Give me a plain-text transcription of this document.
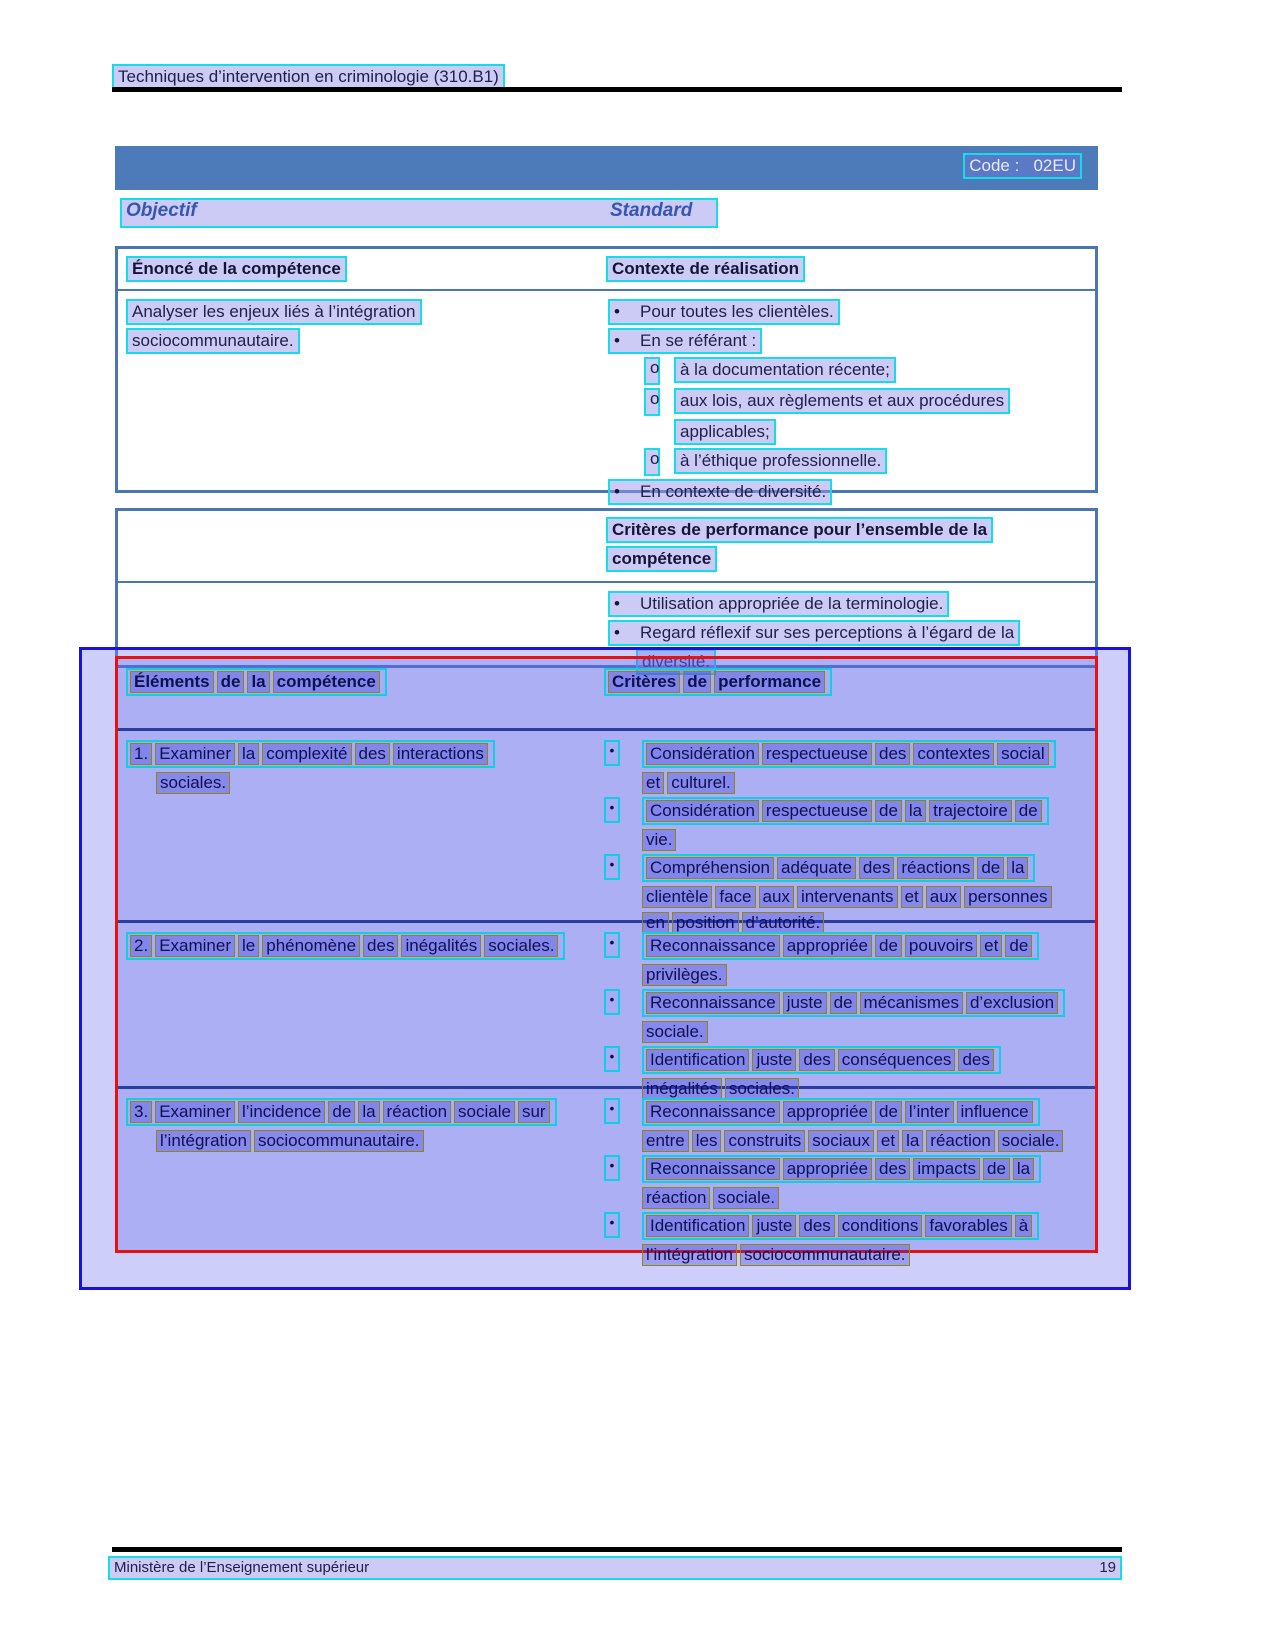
Techniques d’intervention en criminologie (310.B1)
Code :   02EU
Objectif	Standard
Énoncé de la compétence	Contexte de réalisation
Analyser les enjeux liés à l’intégration
sociocommunautaire.
• Pour toutes les clientèles.
• En se référant :
o à la documentation récente;
o aux lois, aux règlements et aux procédures
applicables;
o à l’éthique professionnelle.
• En contexte de diversité.
Critères de performance pour l’ensemble de la
compétence
• Utilisation appropriée de la terminologie.
• Regard réflexif sur ses perceptions à l’égard de la
diversité.
Éléments de la compétence	Critères de performance
1. Examiner la complexité des interactions
sociales.
•	Considération respectueuse des contextes social
et culturel.
•	Considération respectueuse de la trajectoire de
vie.
•	Compréhension adéquate des réactions de la
clientèle face aux intervenants et aux personnes
en position d’autorité.
2. Examiner le phénomène des inégalités sociales.	•	Reconnaissance appropriée de pouvoirs et de
privilèges.
•	Reconnaissance juste de mécanismes d’exclusion
sociale.
•	Identification juste des conséquences des
inégalités sociales.
3. Examiner l’incidence de la réaction sociale sur
l’intégration sociocommunautaire.
•	Reconnaissance appropriée de l’inter influence
entre les construits sociaux et la réaction sociale.
•	Reconnaissance appropriée des impacts de la
réaction sociale.
•	Identification juste des conditions favorables à
l’intégration sociocommunautaire.
Ministère de l’Enseignement supérieur	19
